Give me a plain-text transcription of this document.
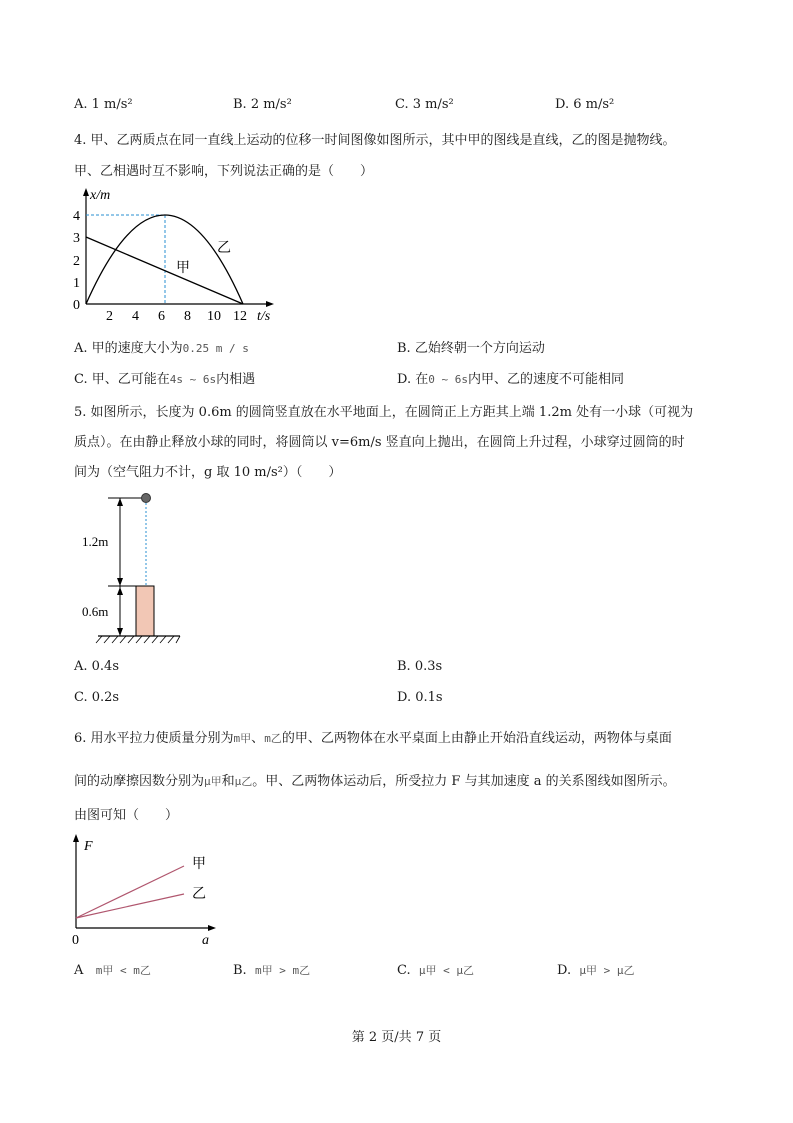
A. 1 m/s²	B. 2 m/s²	C. 3 m/s²	D. 6 m/s²
4. 甲、乙两质点在同一直线上运动的位移一时间图像如图所示，其中甲的图线是直线，乙的图是抛物线。
甲、乙相遇时互不影响，下列说法正确的是（　　）
x/m
t/s
4
3
2
1
0
2 4 6 8 10 12
甲
乙
A. 甲的速度大小为0.25 m / s	B. 乙始终朝一个方向运动
C. 甲、乙可能在4s ~ 6s内相遇	D. 在0 ~ 6s内甲、乙的速度不可能相同
5. 如图所示，长度为 0.6m 的圆筒竖直放在水平地面上，在圆筒正上方距其上端 1.2m 处有一小球（可视为
质点）。在由静止释放小球的同时，将圆筒以 v=6m/s 竖直向上抛出，在圆筒上升过程，小球穿过圆筒的时
间为（空气阻力不计，g 取 10 m/s²）（　　）
1.2m
0.6m
A. 0.4s	B. 0.3s
C. 0.2s	D. 0.1s
6. 用水平拉力使质量分别为m甲、m乙的甲、乙两物体在水平桌面上由静止开始沿直线运动，两物体与桌面
间的动摩擦因数分别为μ甲和μ乙。甲、乙两物体运动后，所受拉力 F 与其加速度 a 的关系图线如图所示。
由图可知（　　）
F
a
0
甲
乙
A m甲 < m乙	B. m甲 > m乙	C. μ甲 < μ乙	D. μ甲 > μ乙
第 2 页/共 7 页
